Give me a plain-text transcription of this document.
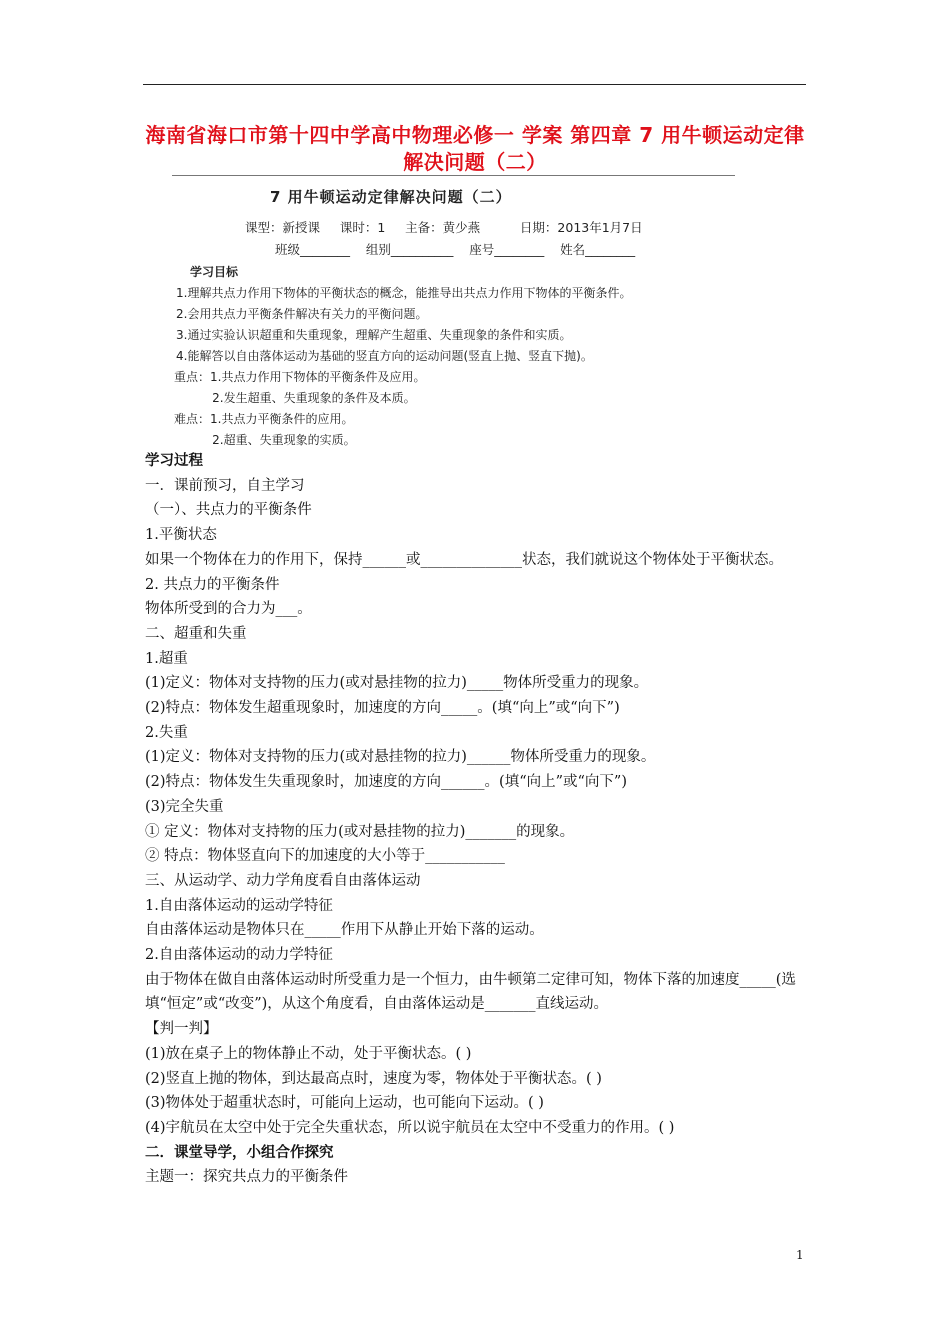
海南省海口市第十四中学高中物理必修一 学案 第四章 7 用牛顿运动定律解决问题（二）
7 用牛顿运动定律解决问题（二）
课型：新授课     课时：1     主备：黄少燕          日期：2013年1月7日
班级________    组别__________    座号________    姓名________
学习目标
1.理解共点力作用下物体的平衡状态的概念，能推导出共点力作用下物体的平衡条件。
2.会用共点力平衡条件解决有关力的平衡问题。
3.通过实验认识超重和失重现象，理解产生超重、失重现象的条件和实质。
4.能解答以自由落体运动为基础的竖直方向的运动问题(竖直上抛、竖直下抛)。
重点：1.共点力作用下物体的平衡条件及应用。
2.发生超重、失重现象的条件及本质。
难点：1.共点力平衡条件的应用。
2.超重、失重现象的实质。

学习过程

一．课前预习，自主学习

（一）、共点力的平衡条件

1.平衡状态

如果一个物体在力的作用下，保持______或______________状态，我们就说这个物体处于平衡状态。

2. 共点力的平衡条件

物体所受到的合力为___。

二、超重和失重

1.超重

(1)定义：物体对支持物的压力(或对悬挂物的拉力)_____物体所受重力的现象。

(2)特点：物体发生超重现象时，加速度的方向_____。(填“向上”或“向下”)

2.失重

(1)定义：物体对支持物的压力(或对悬挂物的拉力)______物体所受重力的现象。

(2)特点：物体发生失重现象时，加速度的方向______。(填“向上”或“向下”)

(3)完全失重

① 定义：物体对支持物的压力(或对悬挂物的拉力)_______的现象。

② 特点：物体竖直向下的加速度的大小等于___________

三、从运动学、动力学角度看自由落体运动

1.自由落体运动的运动学特征

自由落体运动是物体只在_____作用下从静止开始下落的运动。

2.自由落体运动的动力学特征

由于物体在做自由落体运动时所受重力是一个恒力，由牛顿第二定律可知，物体下落的加速度_____(选填“恒定”或“改变”)，从这个角度看，自由落体运动是_______直线运动。

【判一判】

(1)放在桌子上的物体静止不动，处于平衡状态。( )

(2)竖直上抛的物体，到达最高点时，速度为零，物体处于平衡状态。( )

(3)物体处于超重状态时，可能向上运动，也可能向下运动。( )

(4)宇航员在太空中处于完全失重状态，所以说宇航员在太空中不受重力的作用。( )

二．课堂导学，小组合作探究

主题一：探究共点力的平衡条件

1
